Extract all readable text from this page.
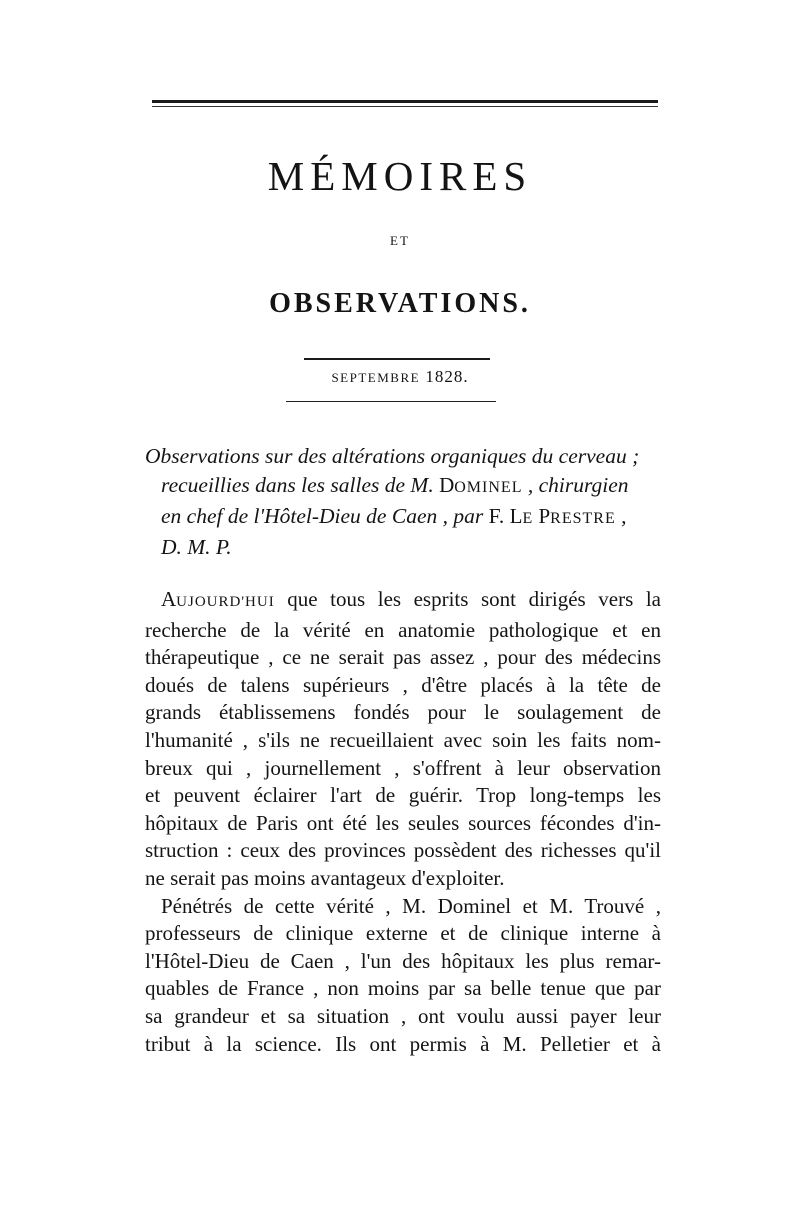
MÉMOIRES
ET
OBSERVATIONS.
SEPTEMBRE 1828.
Observations sur des altérations organiques du cerveau ;
recueillies dans les salles de M. DOMINEL , chirurgien
en chef de l'Hôtel-Dieu de Caen , par F. LE PRESTRE ,
D. M. P.
AUJOURD'HUI que tous les esprits sont dirigés vers la
recherche de la vérité en anatomie pathologique et en
thérapeutique , ce ne serait pas assez , pour des médecins
doués de talens supérieurs , d'être placés à la tête de
grands établissemens fondés pour le soulagement de
l'humanité , s'ils ne recueillaient avec soin les faits nom-
breux qui , journellement , s'offrent à leur observation
et peuvent éclairer l'art de guérir. Trop long-temps les
hôpitaux de Paris ont été les seules sources fécondes d'in-
struction : ceux des provinces possèdent des richesses qu'il
ne serait pas moins avantageux d'exploiter.
Pénétrés de cette vérité , M. Dominel et M. Trouvé ,
professeurs de clinique externe et de clinique interne à
l'Hôtel-Dieu de Caen , l'un des hôpitaux les plus remar-
quables de France , non moins par sa belle tenue que par
sa grandeur et sa situation , ont voulu aussi payer leur
tribut à la science. Ils ont permis à M. Pelletier et à
